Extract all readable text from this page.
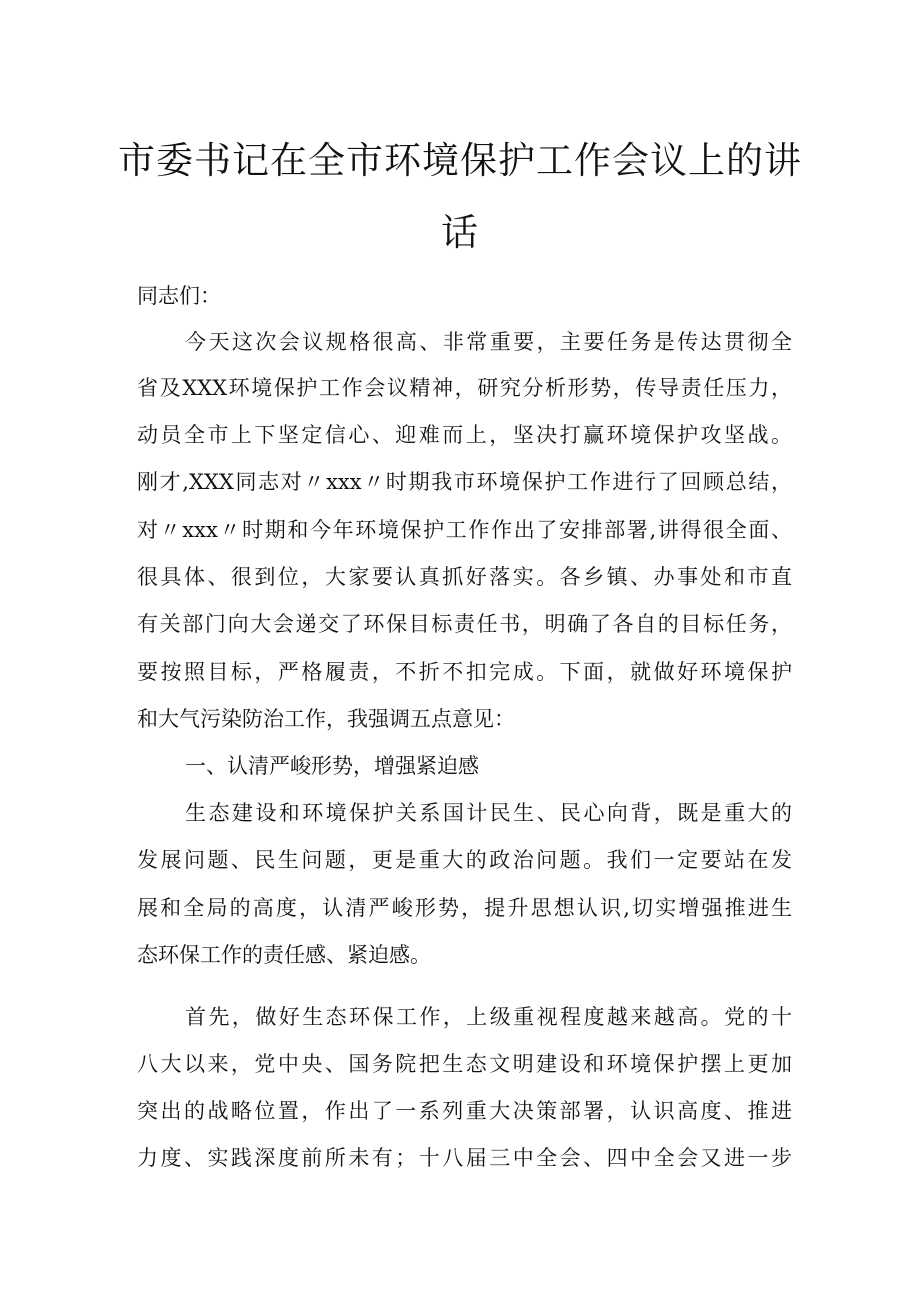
市委书记在全市环境保护工作会议上的讲
话
同志们：
今天这次会议规格很高、非常重要，主要任务是传达贯彻全
省及XXX环境保护工作会议精神，研究分析形势，传导责任压力，
动员全市上下坚定信心、迎难而上，坚决打赢环境保护攻坚战。
刚才,XXX同志对〃xxx〃时期我市环境保护工作进行了回顾总结，
对〃xxx〃时期和今年环境保护工作作出了安排部署,讲得很全面、
很具体、很到位，大家要认真抓好落实。各乡镇、办事处和市直
有关部门向大会递交了环保目标责任书，明确了各自的目标任务，
要按照目标，严格履责，不折不扣完成。下面，就做好环境保护
和大气污染防治工作，我强调五点意见：
一、认清严峻形势，增强紧迫感
生态建设和环境保护关系国计民生、民心向背，既是重大的
发展问题、民生问题，更是重大的政治问题。我们一定要站在发
展和全局的高度，认清严峻形势，提升思想认识,切实增强推进生
态环保工作的责任感、紧迫感。
首先，做好生态环保工作，上级重视程度越来越高。党的十
八大以来，党中央、国务院把生态文明建设和环境保护摆上更加
突出的战略位置，作出了一系列重大决策部署，认识高度、推进
力度、实践深度前所未有；十八届三中全会、四中全会又进一步
